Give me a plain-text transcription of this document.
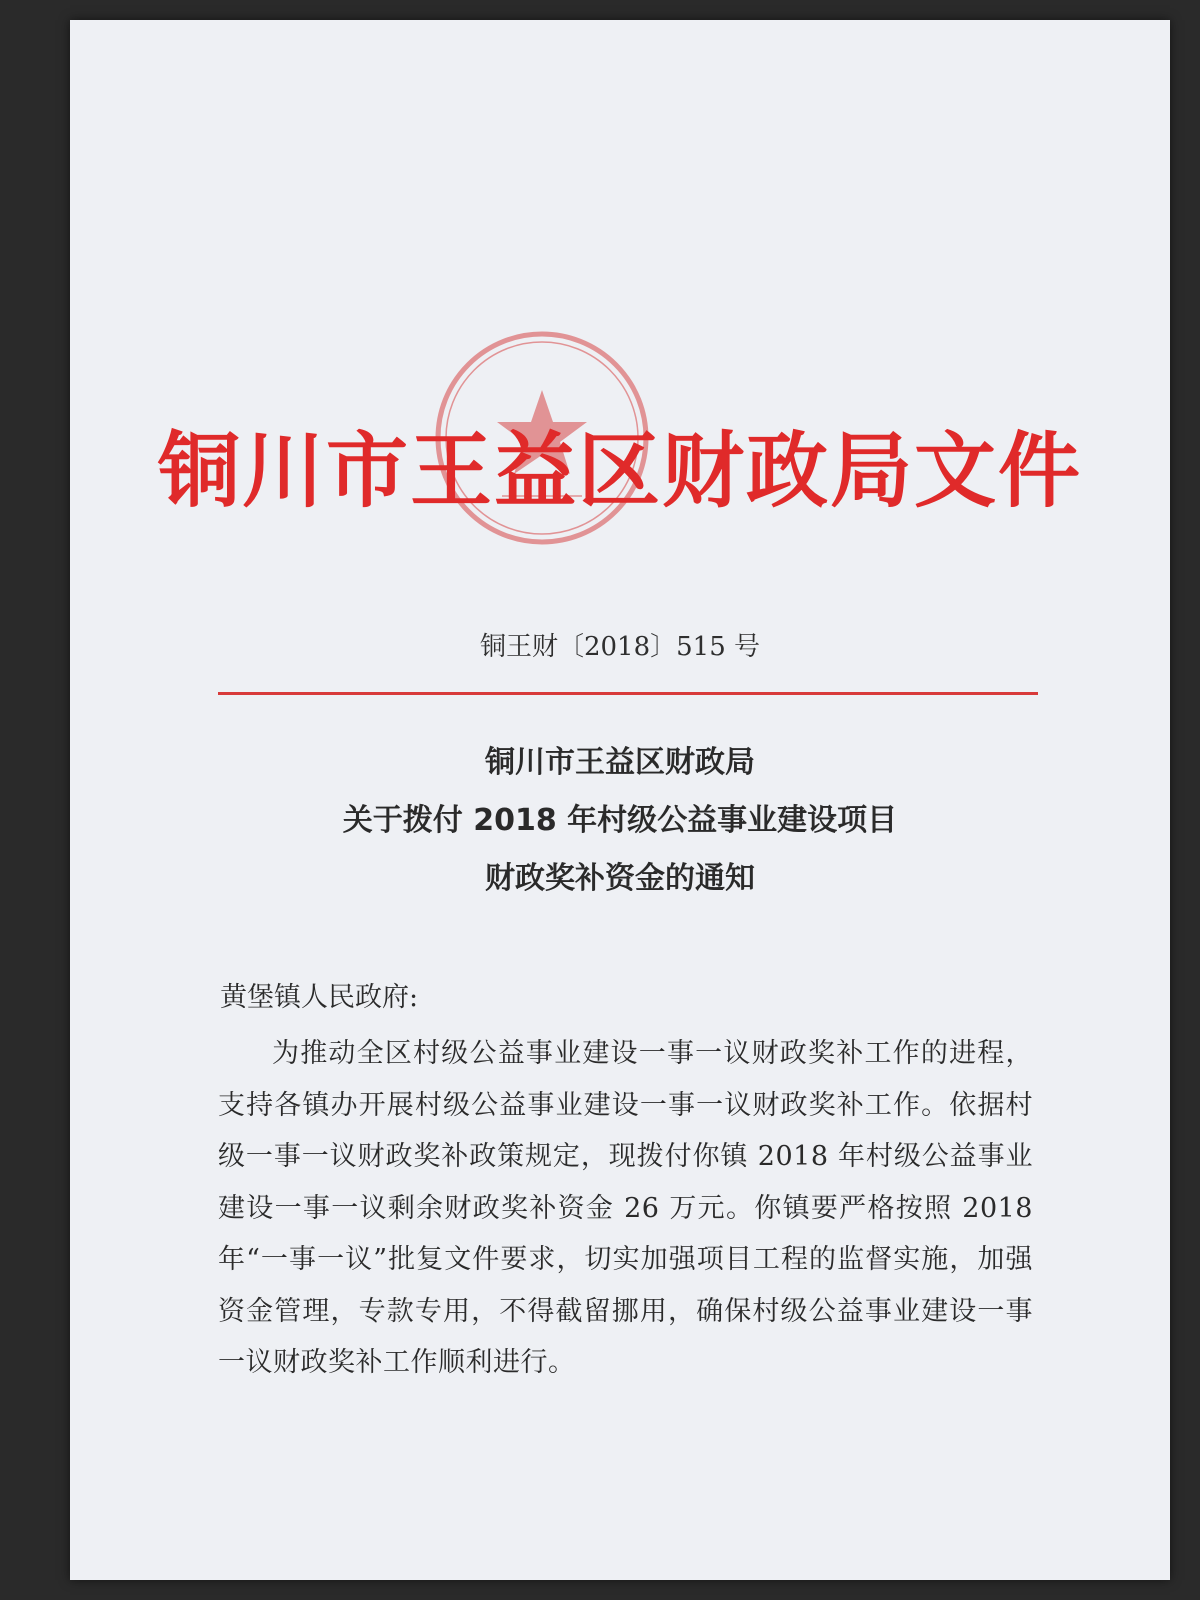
铜川市王益区财政局文件
铜王财〔2018〕515 号
铜川市王益区财政局
关于拨付 2018 年村级公益事业建设项目
财政奖补资金的通知
黄堡镇人民政府:
为推动全区村级公益事业建设一事一议财政奖补工作的进程，支持各镇办开展村级公益事业建设一事一议财政奖补工作。依据村级一事一议财政奖补政策规定，现拨付你镇 2018 年村级公益事业建设一事一议剩余财政奖补资金 26 万元。你镇要严格按照 2018 年“一事一议”批复文件要求，切实加强项目工程的监督实施，加强资金管理，专款专用，不得截留挪用，确保村级公益事业建设一事一议财政奖补工作顺利进行。
